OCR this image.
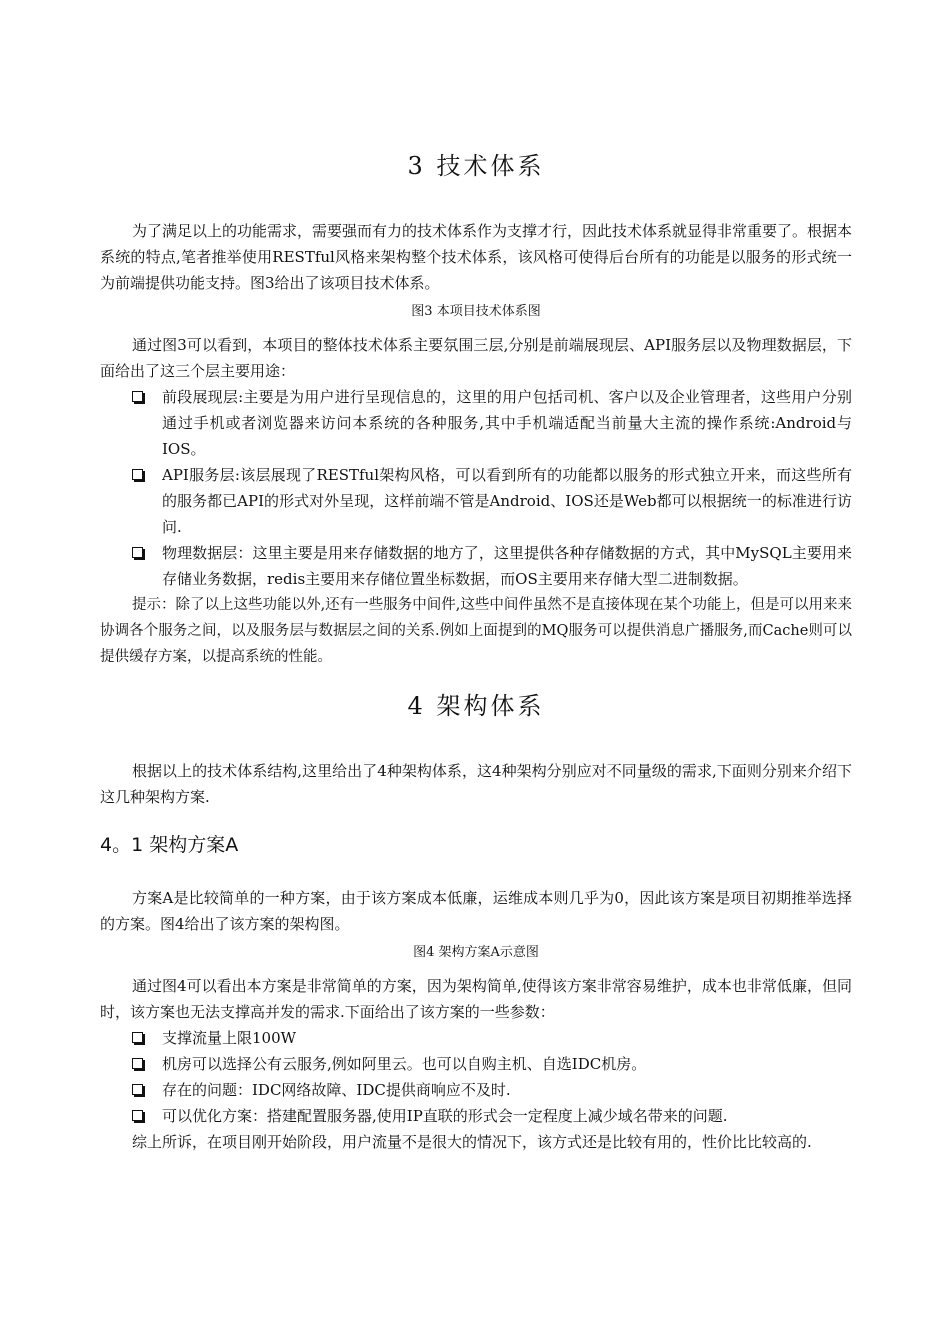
3 技术体系

为了满足以上的功能需求，需要强而有力的技术体系作为支撑才行，因此技术体系就显得非常重要了。根据本系统的特点,笔者推举使用RESTful风格来架构整个技术体系，该风格可使得后台所有的功能是以服务的形式统一为前端提供功能支持。图3给出了该项目技术体系。

图3 本项目技术体系图

通过图3可以看到，本项目的整体技术体系主要氛围三层,分别是前端展现层、API服务层以及物理数据层，下面给出了这三个层主要用途：

前段展现层:主要是为用户进行呈现信息的，这里的用户包括司机、客户以及企业管理者，这些用户分别通过手机或者浏览器来访问本系统的各种服务,其中手机端适配当前量大主流的操作系统:Android与IOS。
API服务层:该层展现了RESTful架构风格，可以看到所有的功能都以服务的形式独立开来，而这些所有的服务都已API的形式对外呈现，这样前端不管是Android、IOS还是Web都可以根据统一的标准进行访问.
物理数据层：这里主要是用来存储数据的地方了，这里提供各种存储数据的方式，其中MySQL主要用来存储业务数据，redis主要用来存储位置坐标数据，而OS主要用来存储大型二进制数据。

提示：除了以上这些功能以外,还有一些服务中间件,这些中间件虽然不是直接体现在某个功能上，但是可以用来来协调各个服务之间，以及服务层与数据层之间的关系.例如上面提到的MQ服务可以提供消息广播服务,而Cache则可以提供缓存方案，以提高系统的性能。

4 架构体系

根据以上的技术体系结构,这里给出了4种架构体系，这4种架构分别应对不同量级的需求,下面则分别来介绍下这几种架构方案.

4。1 架构方案A

方案A是比较简单的一种方案，由于该方案成本低廉，运维成本则几乎为0，因此该方案是项目初期推举选择的方案。图4给出了该方案的架构图。

图4 架构方案A示意图

通过图4可以看出本方案是非常简单的方案，因为架构简单,使得该方案非常容易维护，成本也非常低廉，但同时，该方案也无法支撑高并发的需求.下面给出了该方案的一些参数：

支撑流量上限100W
机房可以选择公有云服务,例如阿里云。也可以自购主机、自选IDC机房。
存在的问题：IDC网络故障、IDC提供商响应不及时.
可以优化方案：搭建配置服务器,使用IP直联的形式会一定程度上减少域名带来的问题.

综上所诉，在项目刚开始阶段，用户流量不是很大的情况下，该方式还是比较有用的，性价比比较高的.
